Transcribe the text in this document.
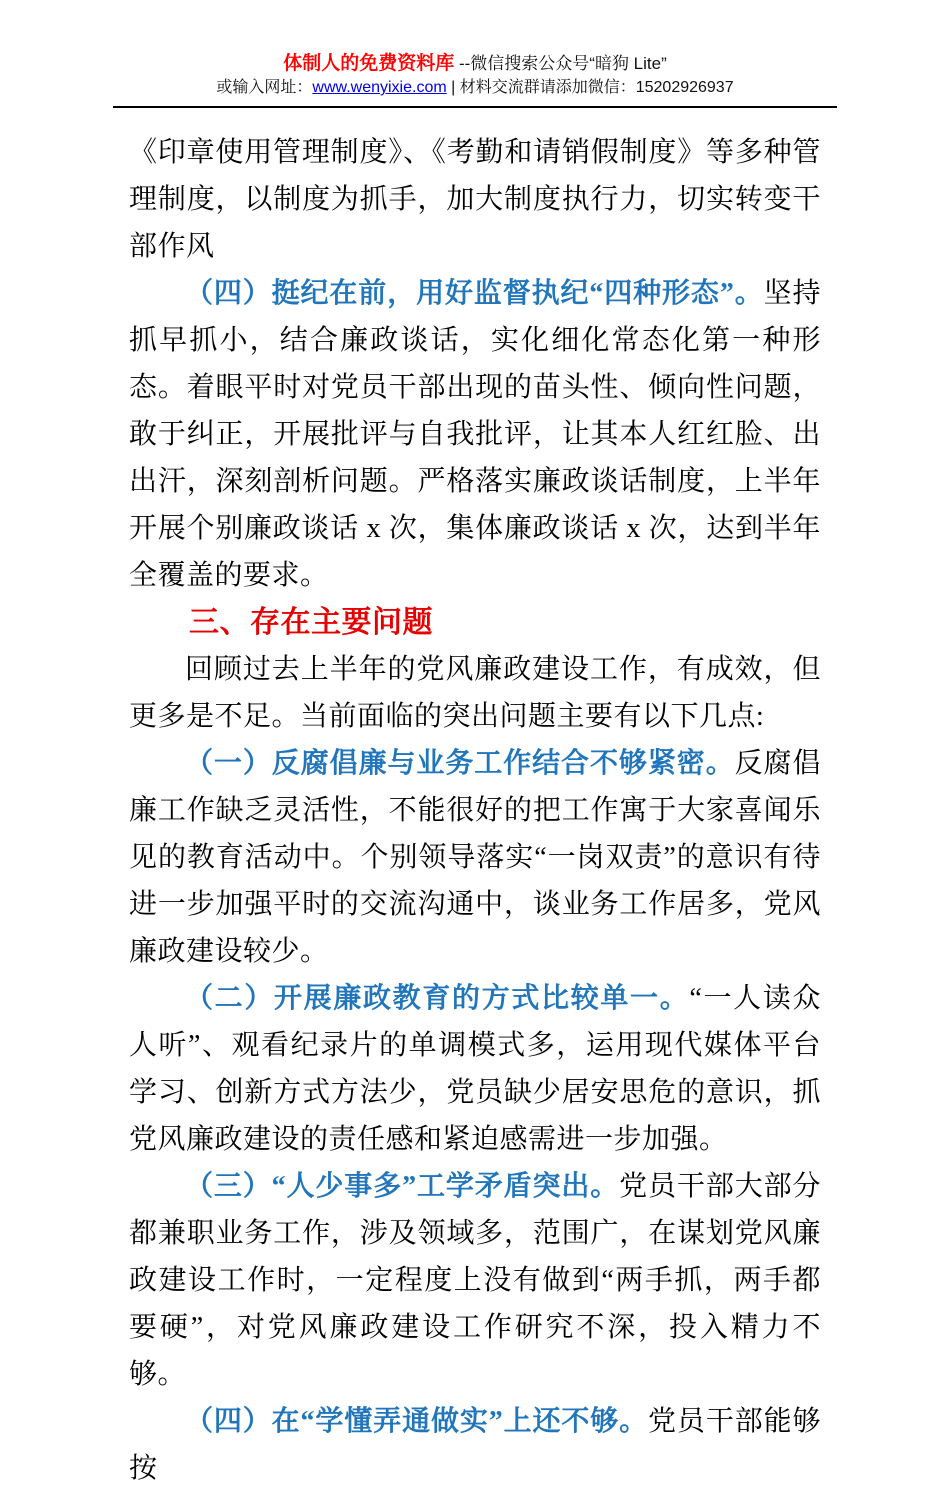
体制人的免费资料库 --微信搜索公众号“暗狗 Lite”
或输入网址：www.wenyixie.com | 材料交流群请添加微信：15202926937

《印章使用管理制度》、《考勤和请销假制度》等多种管理制度，以制度为抓手，加大制度执行力，切实转变干部作风

（四）挺纪在前，用好监督执纪“四种形态”。坚持抓早抓小，结合廉政谈话，实化细化常态化第一种形态。着眼平时对党员干部出现的苗头性、倾向性问题，敢于纠正，开展批评与自我批评，让其本人红红脸、出出汗，深刻剖析问题。严格落实廉政谈话制度，上半年开展个别廉政谈话 x 次，集体廉政谈话 x 次，达到半年全覆盖的要求。

三、存在主要问题

回顾过去上半年的党风廉政建设工作，有成效，但更多是不足。当前面临的突出问题主要有以下几点:

（一）反腐倡廉与业务工作结合不够紧密。反腐倡廉工作缺乏灵活性，不能很好的把工作寓于大家喜闻乐见的教育活动中。个别领导落实“一岗双责”的意识有待进一步加强平时的交流沟通中，谈业务工作居多，党风廉政建设较少。

（二）开展廉政教育的方式比较单一。“一人读众人听”、观看纪录片的单调模式多，运用现代媒体平台学习、创新方式方法少，党员缺少居安思危的意识，抓党风廉政建设的责任感和紧迫感需进一步加强。

（三）“人少事多”工学矛盾突出。党员干部大部分都兼职业务工作，涉及领域多，范围广，在谋划党风廉政建设工作时，一定程度上没有做到“两手抓，两手都要硬”，对党风廉政建设工作研究不深，投入精力不够。

（四）在“学懂弄通做实”上还不够。党员干部能够按
